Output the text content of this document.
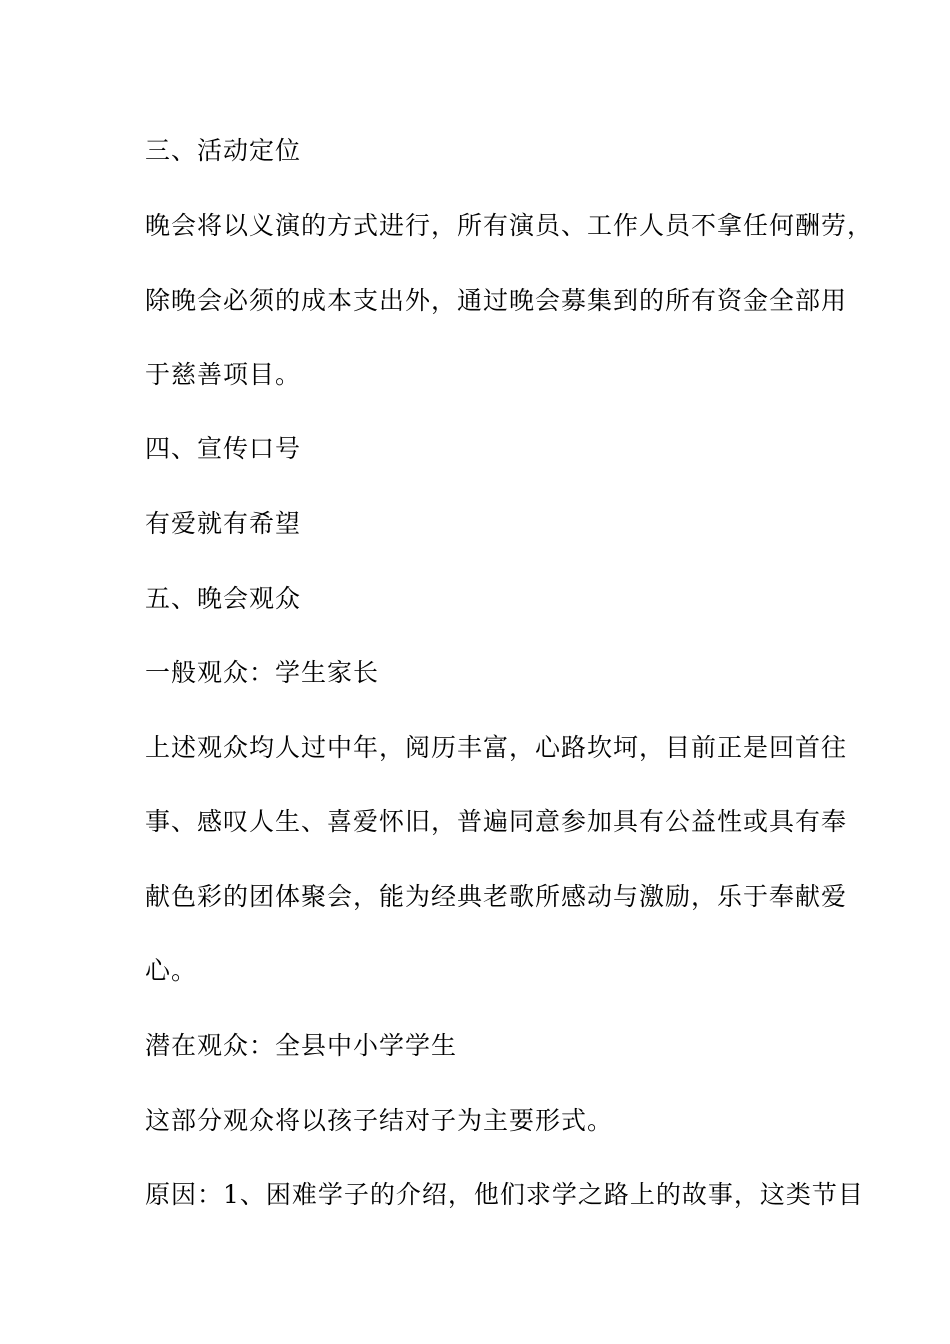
三、活动定位
晚会将以义演的方式进行，所有演员、工作人员不拿任何酬劳，
除晚会必须的成本支出外，通过晚会募集到的所有资金全部用
于慈善项目。
四、宣传口号
有爱就有希望
五、晚会观众
一般观众：学生家长
上述观众均人过中年，阅历丰富，心路坎坷，目前正是回首往
事、感叹人生、喜爱怀旧，普遍同意参加具有公益性或具有奉
献色彩的团体聚会，能为经典老歌所感动与激励，乐于奉献爱
心。
潜在观众：全县中小学学生
这部分观众将以孩子结对子为主要形式。
原因：1、困难学子的介绍，他们求学之路上的故事，这类节目
